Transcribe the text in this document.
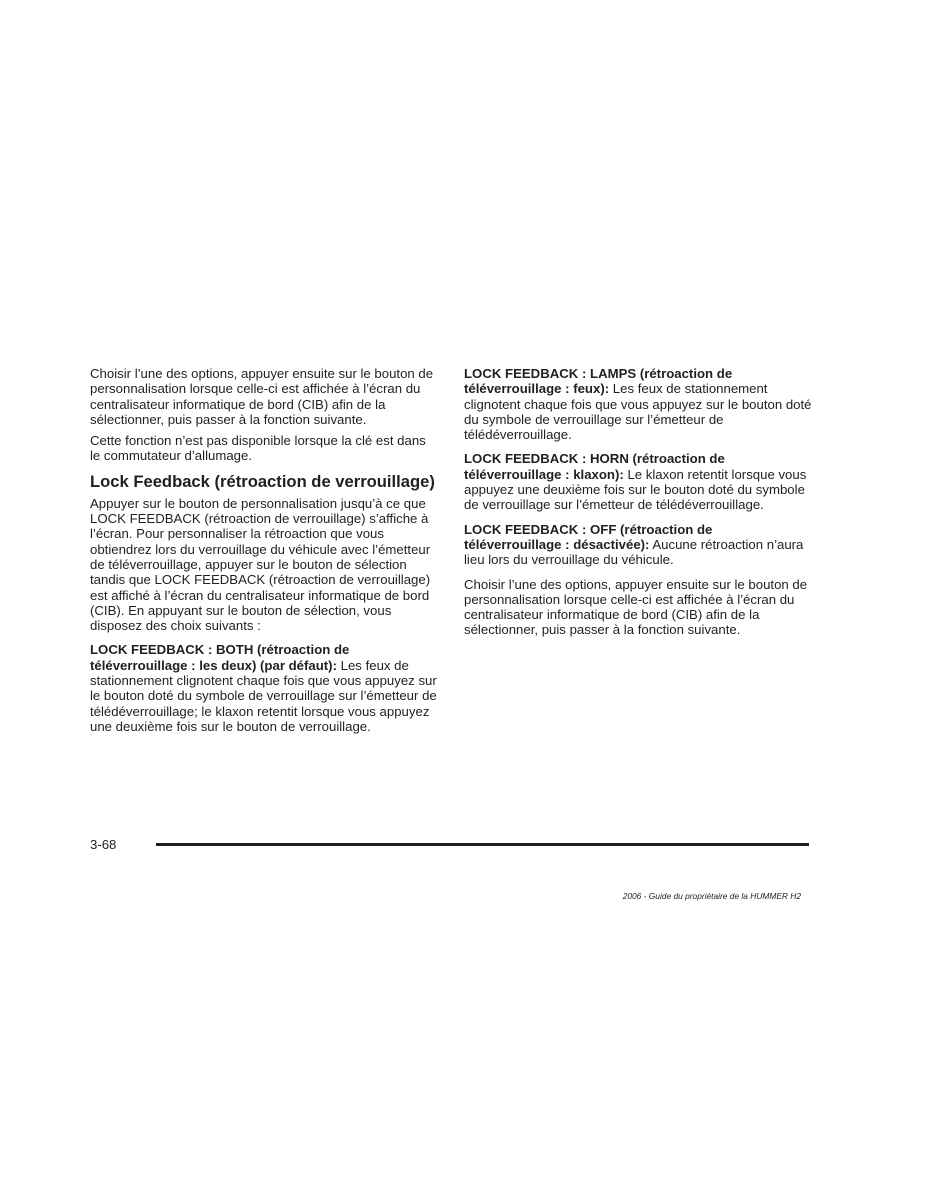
Choisir l’une des options, appuyer ensuite sur le bouton de personnalisation lorsque celle-ci est affichée à l’écran du centralisateur informatique de bord (CIB) afin de la sélectionner, puis passer à la fonction suivante.

Cette fonction n’est pas disponible lorsque la clé est dans le commutateur d’allumage.

Lock Feedback (rétroaction de verrouillage)

Appuyer sur le bouton de personnalisation jusqu’à ce que LOCK FEEDBACK (rétroaction de verrouillage) s’affiche à l’écran. Pour personnaliser la rétroaction que vous obtiendrez lors du verrouillage du véhicule avec l’émetteur de téléverrouillage, appuyer sur le bouton de sélection tandis que LOCK FEEDBACK (rétroaction de verrouillage) est affiché à l’écran du centralisateur informatique de bord (CIB). En appuyant sur le bouton de sélection, vous disposez des choix suivants :

LOCK FEEDBACK : BOTH (rétroaction de téléverrouillage : les deux) (par défaut): Les feux de stationnement clignotent chaque fois que vous appuyez sur le bouton doté du symbole de verrouillage sur l’émetteur de télédéverrouillage; le klaxon retentit lorsque vous appuyez une deuxième fois sur le bouton de verrouillage.

LOCK FEEDBACK : LAMPS (rétroaction de téléverrouillage : feux): Les feux de stationnement clignotent chaque fois que vous appuyez sur le bouton doté du symbole de verrouillage sur l’émetteur de télédéverrouillage.

LOCK FEEDBACK : HORN (rétroaction de téléverrouillage : klaxon): Le klaxon retentit lorsque vous appuyez une deuxième fois sur le bouton doté du symbole de verrouillage sur l’émetteur de télédéverrouillage.

LOCK FEEDBACK : OFF (rétroaction de téléverrouillage : désactivée): Aucune rétroaction n’aura lieu lors du verrouillage du véhicule.

Choisir l’une des options, appuyer ensuite sur le bouton de personnalisation lorsque celle-ci est affichée à l’écran du centralisateur informatique de bord (CIB) afin de la sélectionner, puis passer à la fonction suivante.

3-68
2006 - Guide du propriétaire de la HUMMER H2
